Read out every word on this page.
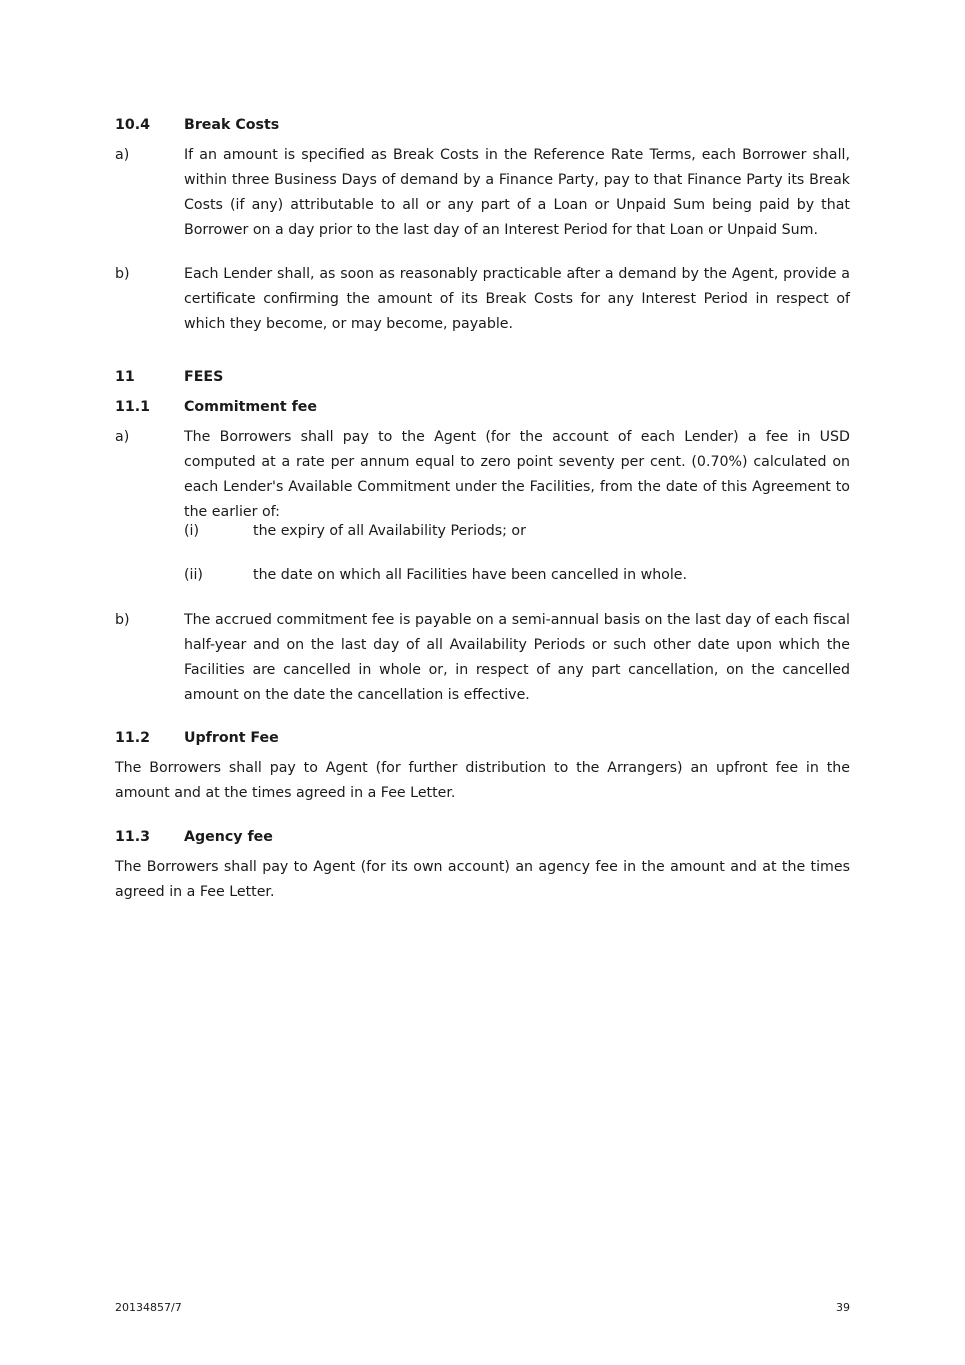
10.4 Break Costs
a)	If an amount is specified as Break Costs in the Reference Rate Terms, each Borrower shall, within three Business Days of demand by a Finance Party, pay to that Finance Party its Break Costs (if any) attributable to all or any part of a Loan or Unpaid Sum being paid by that Borrower on a day prior to the last day of an Interest Period for that Loan or Unpaid Sum.
b)	Each Lender shall, as soon as reasonably practicable after a demand by the Agent, provide a certificate confirming the amount of its Break Costs for any Interest Period in respect of which they become, or may become, payable.
11	FEES
11.1 Commitment fee
a)	The Borrowers shall pay to the Agent (for the account of each Lender) a fee in USD computed at a rate per annum equal to zero point seventy per cent. (0.70%) calculated on each Lender's Available Commitment under the Facilities, from the date of this Agreement to the earlier of:
(i)	the expiry of all Availability Periods; or
(ii)	the date on which all Facilities have been cancelled in whole.
b)	The accrued commitment fee is payable on a semi-annual basis on the last day of each fiscal half-year and on the last day of all Availability Periods or such other date upon which the Facilities are cancelled in whole or, in respect of any part cancellation, on the cancelled amount on the date the cancellation is effective.
11.2 Upfront Fee
The Borrowers shall pay to Agent (for further distribution to the Arrangers) an upfront fee in the amount and at the times agreed in a Fee Letter.
11.3 Agency fee
The Borrowers shall pay to Agent (for its own account) an agency fee in the amount and at the times agreed in a Fee Letter.
20134857/7	39
